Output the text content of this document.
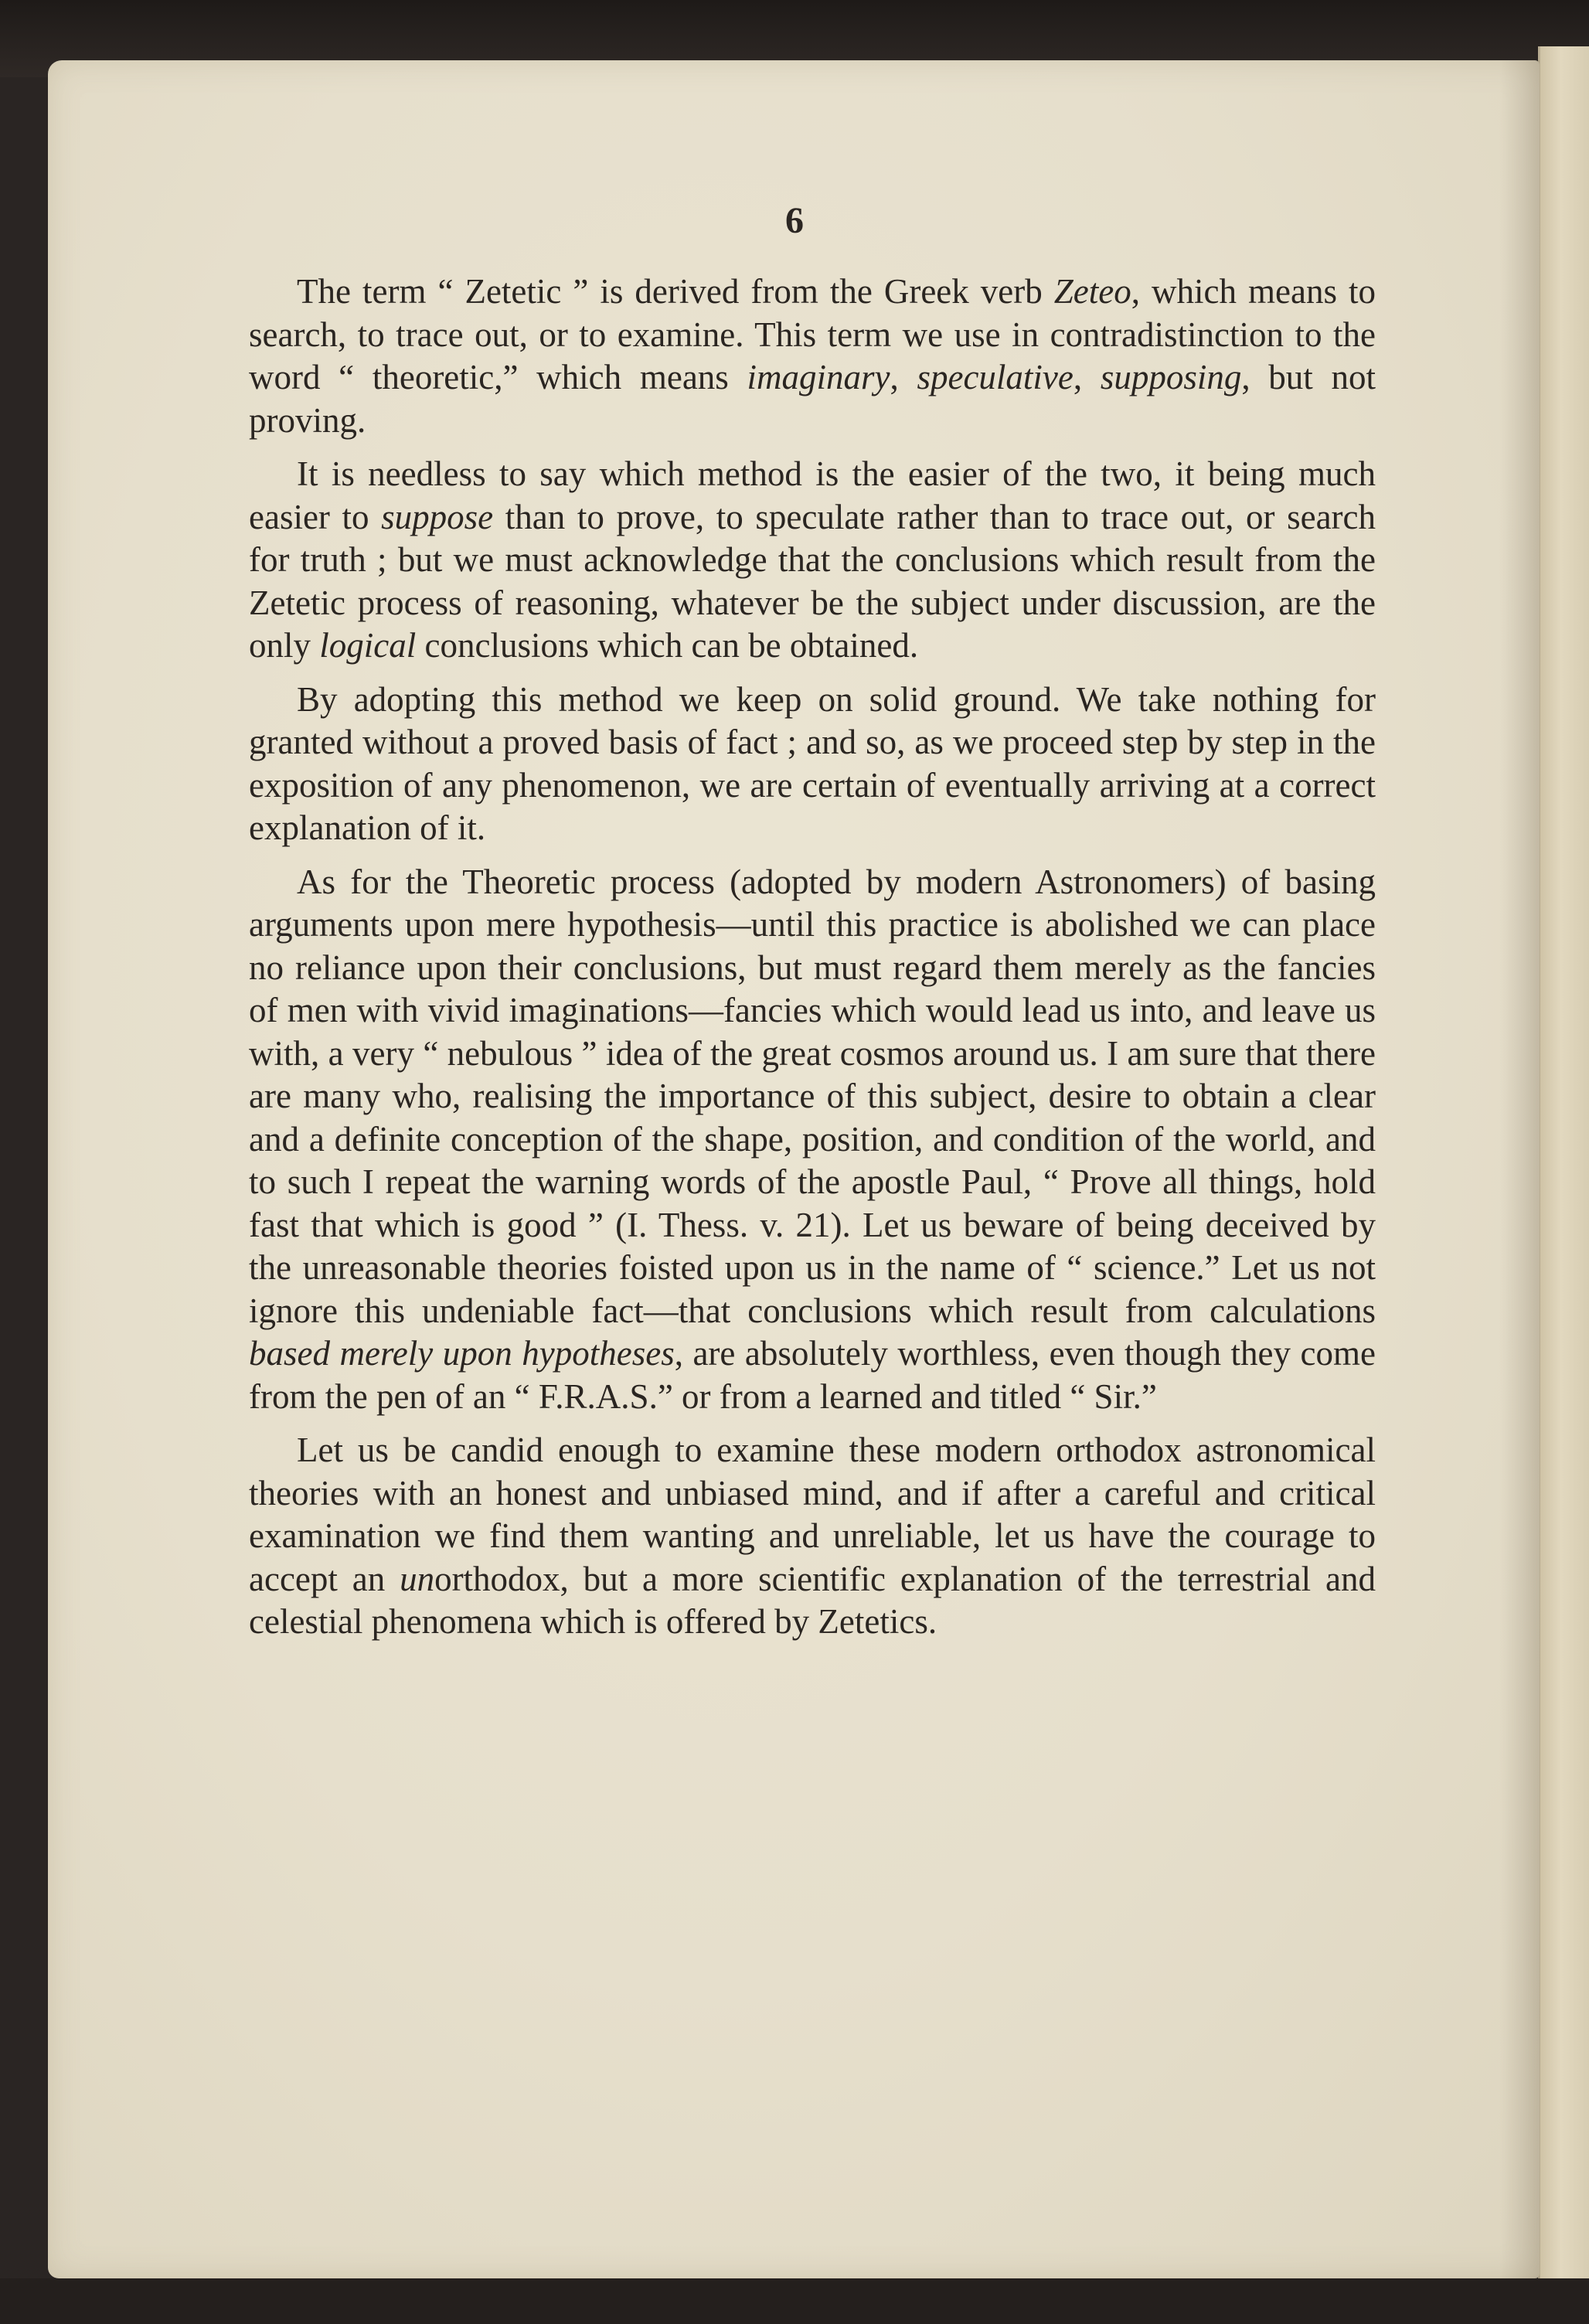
6

The term “ Zetetic ” is derived from the Greek verb Zeteo, which means to search, to trace out, or to examine. This term we use in contradistinction to the word “ theoretic,” which means imaginary, speculative, supposing, but not proving.

It is needless to say which method is the easier of the two, it being much easier to suppose than to prove, to speculate rather than to trace out, or search for truth ; but we must acknowledge that the conclusions which result from the Zetetic process of reasoning, whatever be the subject under discussion, are the only logical conclusions which can be obtained.

By adopting this method we keep on solid ground. We take nothing for granted without a proved basis of fact ; and so, as we proceed step by step in the exposition of any phenomenon, we are certain of eventually arriving at a correct explanation of it.

As for the Theoretic process (adopted by modern Astronomers) of basing arguments upon mere hypothesis—until this practice is abolished we can place no reliance upon their conclusions, but must regard them merely as the fancies of men with vivid imaginations—fancies which would lead us into, and leave us with, a very “ nebulous ” idea of the great cosmos around us. I am sure that there are many who, realising the importance of this subject, desire to obtain a clear and a definite conception of the shape, position, and condition of the world, and to such I repeat the warning words of the apostle Paul, “ Prove all things, hold fast that which is good ” (I. Thess. v. 21). Let us beware of being deceived by the unreasonable theories foisted upon us in the name of “ science.” Let us not ignore this undeniable fact—that conclusions which result from calculations based merely upon hypotheses, are absolutely worthless, even though they come from the pen of an “ F.R.A.S.” or from a learned and titled “ Sir.”

Let us be candid enough to examine these modern orthodox astronomical theories with an honest and unbiased mind, and if after a careful and critical examination we find them wanting and unreliable, let us have the courage to accept an unorthodox, but a more scientific explanation of the terrestrial and celestial phenomena which is offered by Zetetics.
